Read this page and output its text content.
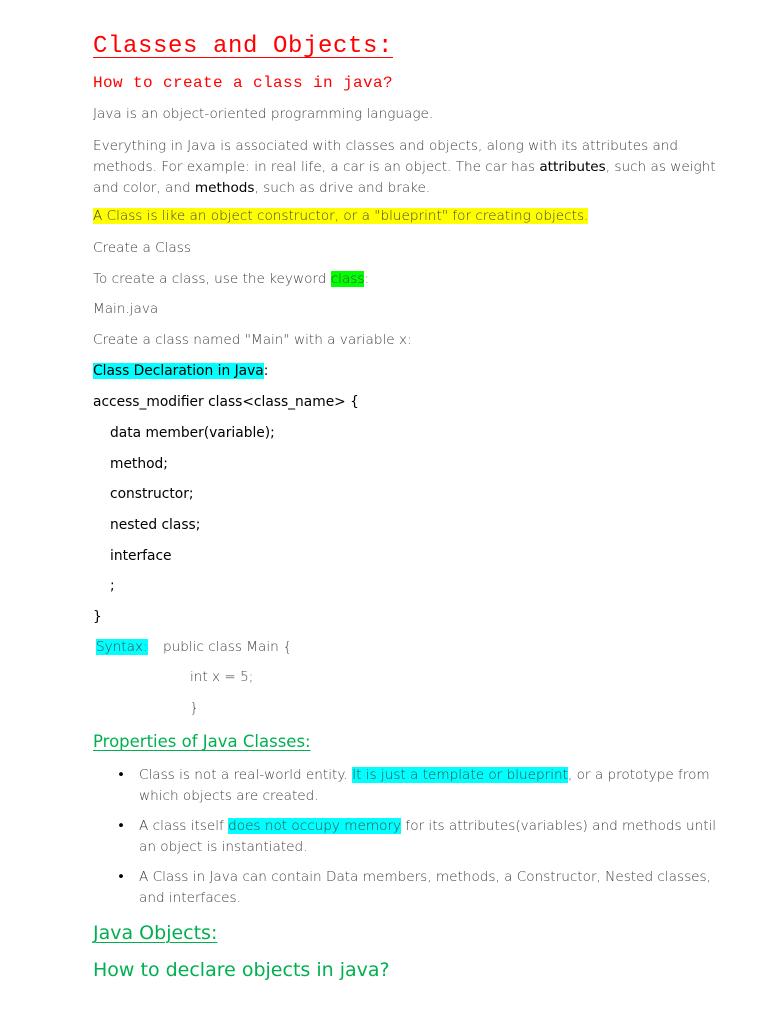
Classes and Objects:
How to create a class in java?
Java is an object-oriented programming language.
Everything in Java is associated with classes and objects, along with its attributes and methods. For example: in real life, a car is an object. The car has attributes, such as weight and color, and methods, such as drive and brake.
A Class is like an object constructor, or a "blueprint" for creating objects.
Create a Class
To create a class, use the keyword class:
Main.java
Create a class named "Main" with a variable x:
Class Declaration in Java:
access_modifier class<class_name> {
data member(variable);
method;
constructor;
nested class;
interface
;
}
Syntax: public class Main {
int x = 5;
}
Properties of Java Classes:
• Class is not a real-world entity. It is just a template or blueprint, or a prototype from which objects are created.
• A class itself does not occupy memory for its attributes(variables) and methods until an object is instantiated.
• A Class in Java can contain Data members, methods, a Constructor, Nested classes, and interfaces.
Java Objects:
How to declare objects in java?
